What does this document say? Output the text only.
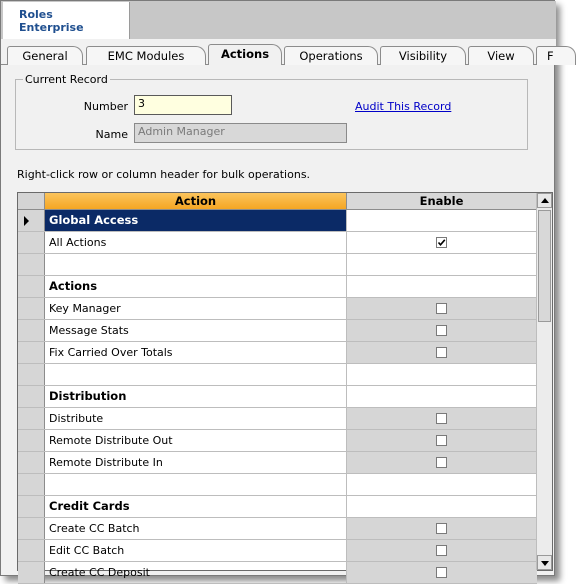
Roles
Enterprise
General	EMC Modules	Actions	Operations	Visibility	View	F
Current Record
Number 3	Audit This Record
Name Admin Manager
Right-click row or column header for bulk operations.
Action	Enable
Global Access
All Actions
Actions
Key Manager
Message Stats
Fix Carried Over Totals
Distribution
Distribute
Remote Distribute Out
Remote Distribute In
Credit Cards
Create CC Batch
Edit CC Batch
Create CC Deposit
